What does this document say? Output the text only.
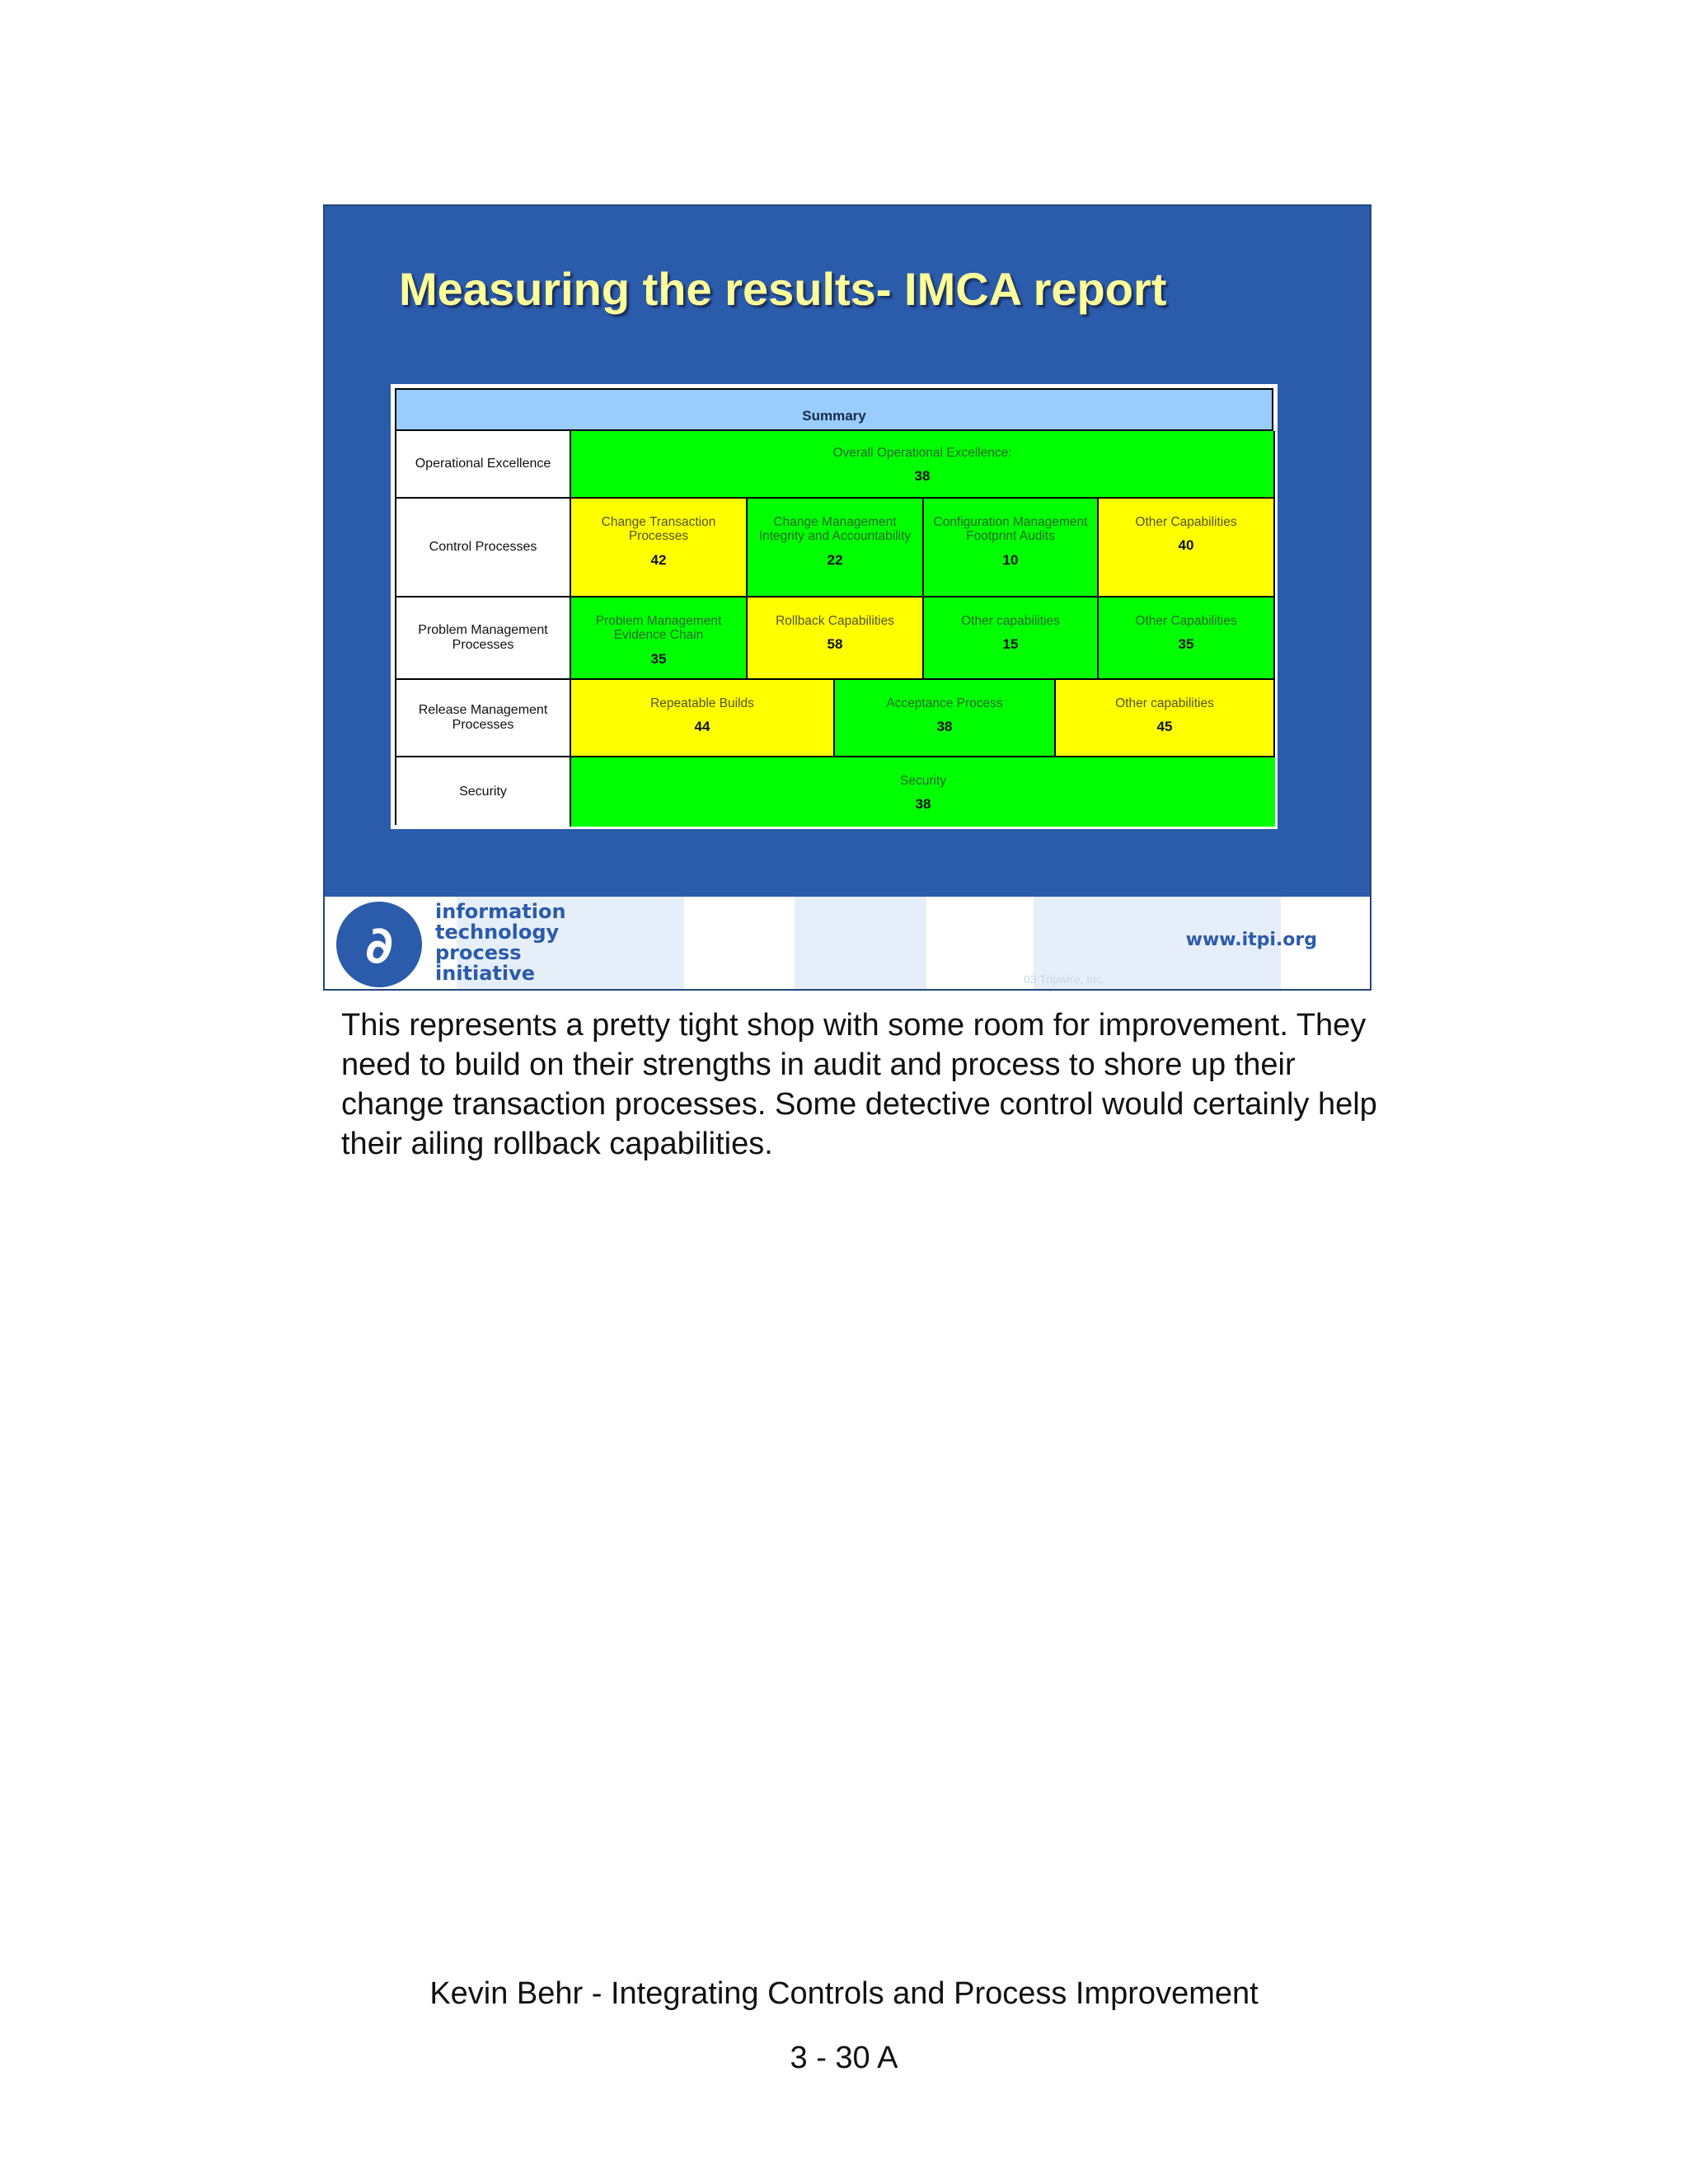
Measuring the results- IMCA report
Summary
Operational Excellence
Overall Operational Excellence:
38
Control Processes
Change Transaction Processes
42
Change Management Integrity and Accountability
22
Configuration Management Footprint Audits
10
Other Capabilities
40
Problem Management Processes
Problem Management Evidence Chain
35
Rollback Capabilities
58
Other capabilities
15
Other Capabilities
35
Release Management Processes
Repeatable Builds
44
Acceptance Process
38
Other capabilities
45
Security
Security
38
∂
information
technology
process
initiative	03 Tripwire, Inc.
www.itpi.org

This represents a pretty tight shop with some room for improvement. They need to build on their strengths in audit and process to shore up their change transaction processes. Some detective control would certainly help their ailing rollback capabilities.

Kevin Behr - Integrating Controls and Process Improvement
3 - 30 A
